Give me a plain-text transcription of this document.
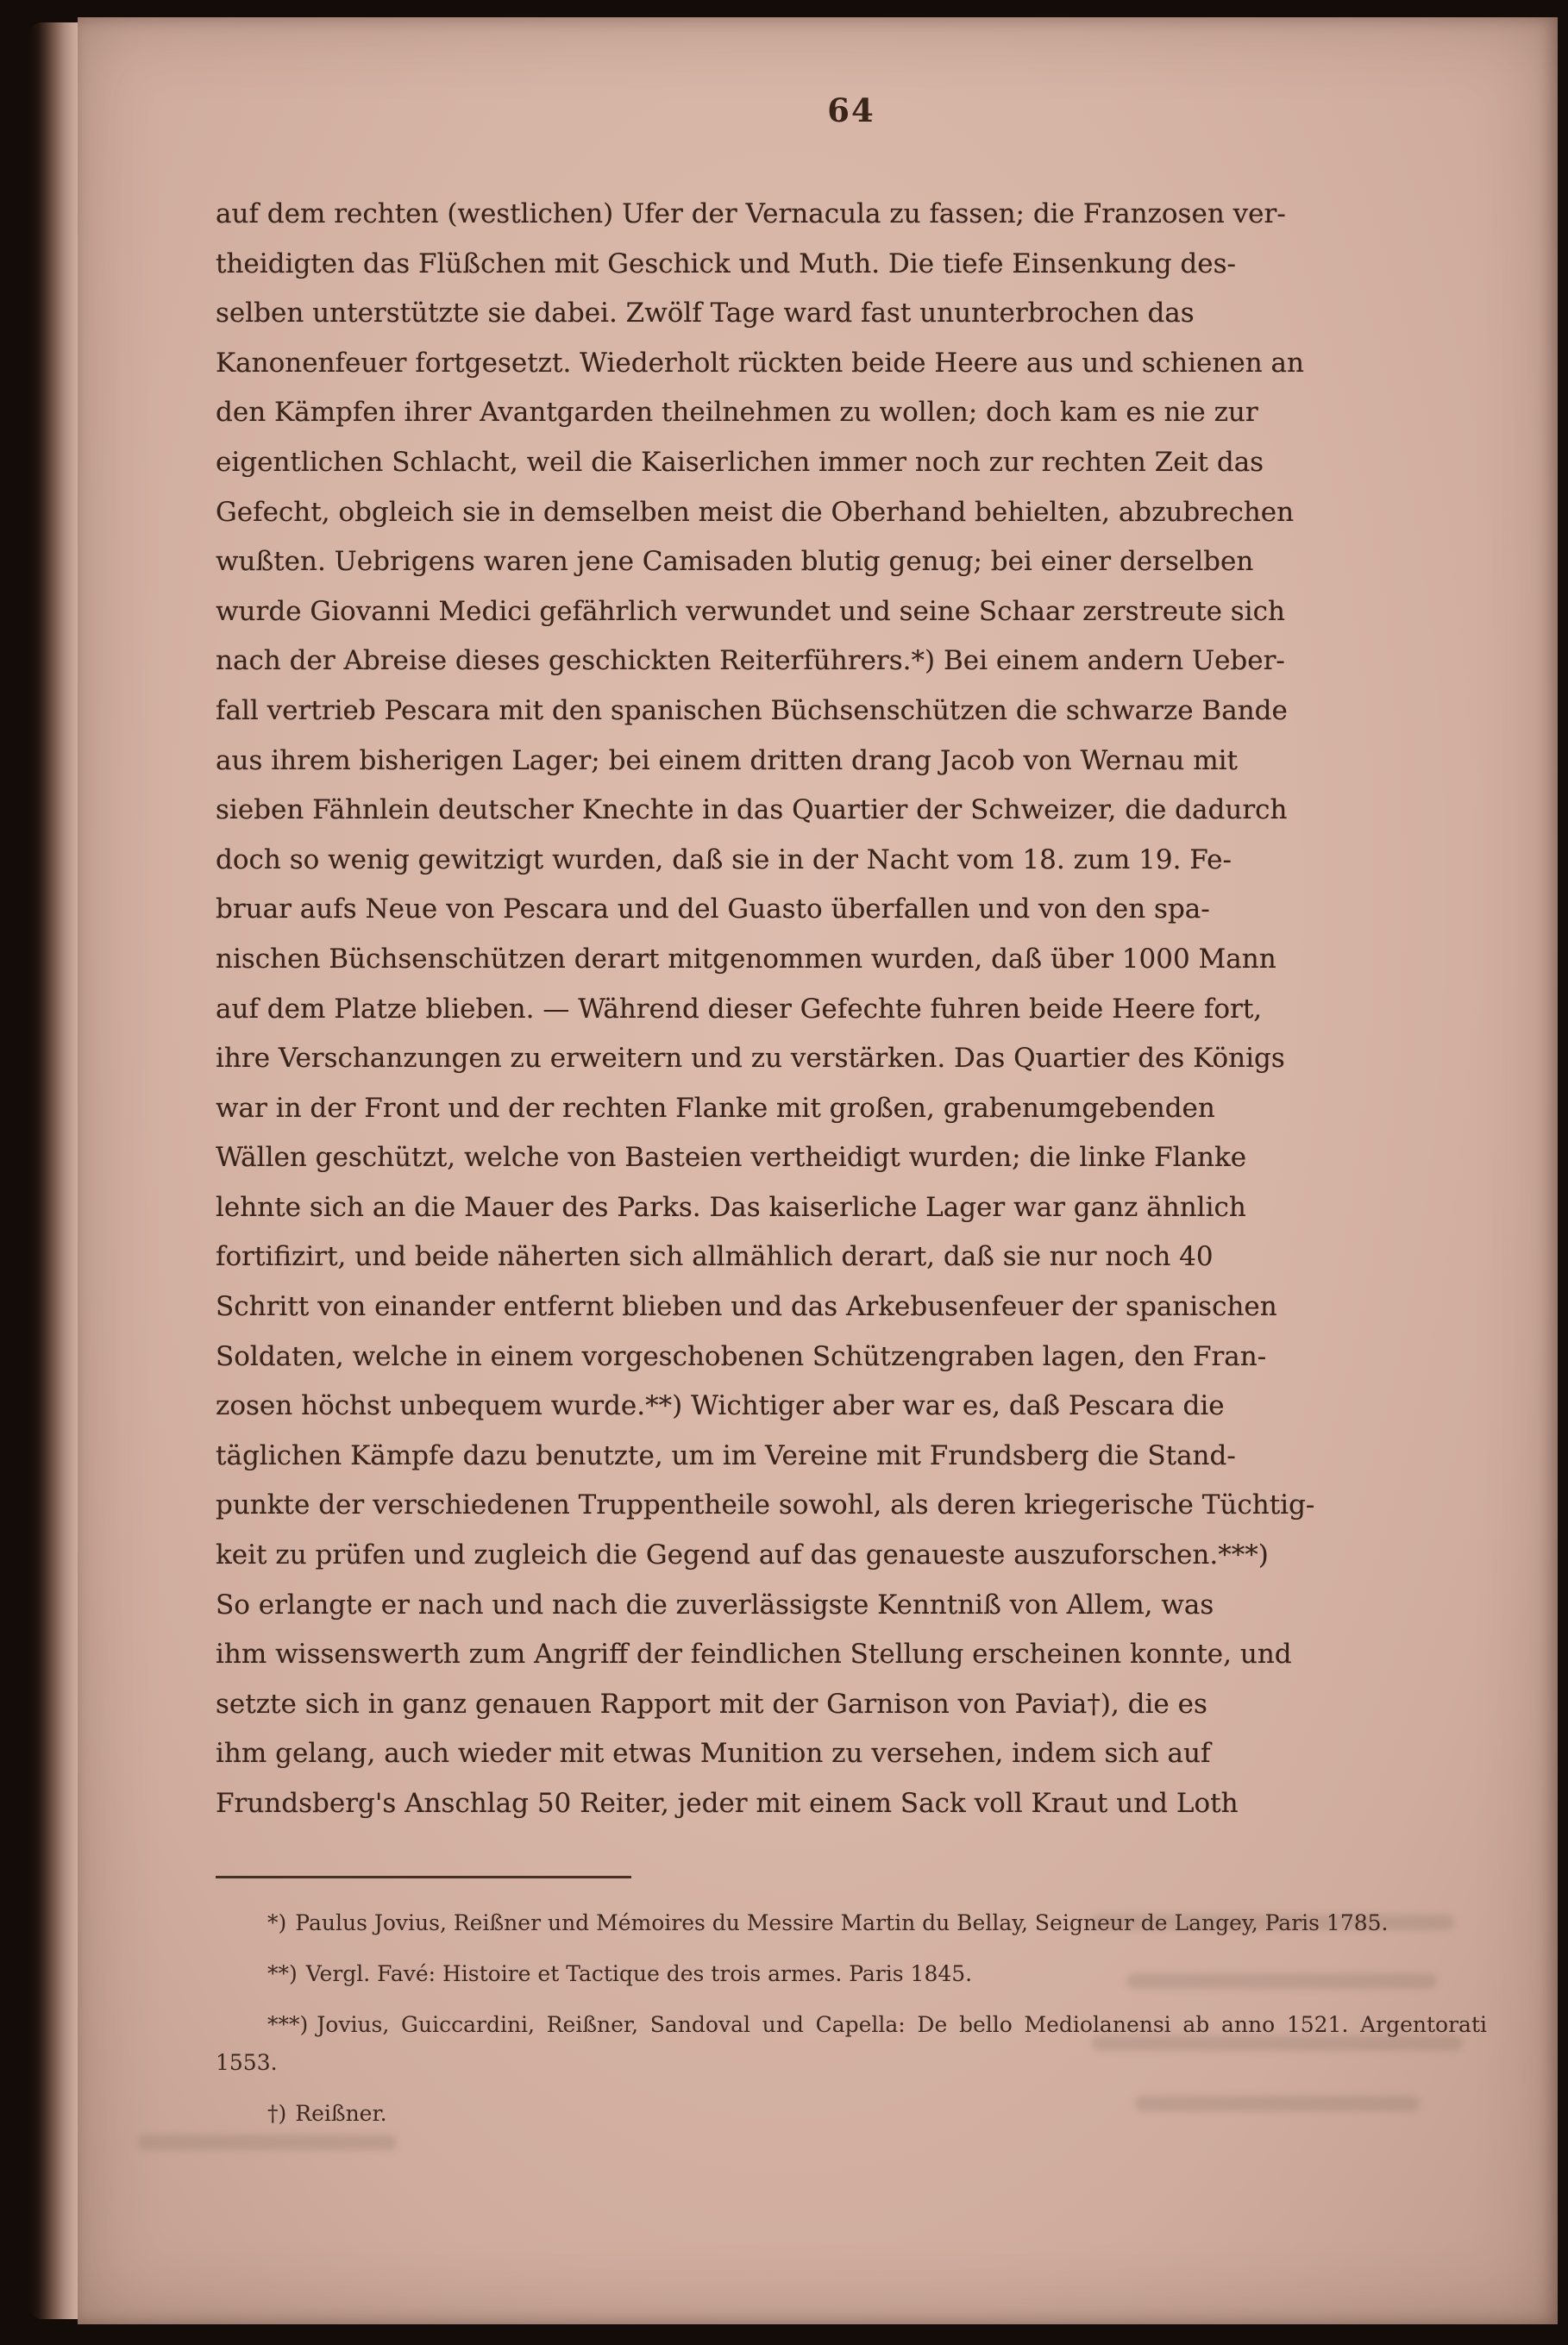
64
auf dem rechten (westlichen) Ufer der Vernacula zu fassen; die Franzosen ver-
theidigten das Flüßchen mit Geschick und Muth. Die tiefe Einsenkung des-
selben unterstützte sie dabei. Zwölf Tage ward fast ununterbrochen das
Kanonenfeuer fortgesetzt. Wiederholt rückten beide Heere aus und schienen an
den Kämpfen ihrer Avantgarden theilnehmen zu wollen; doch kam es nie zur
eigentlichen Schlacht, weil die Kaiserlichen immer noch zur rechten Zeit das
Gefecht, obgleich sie in demselben meist die Oberhand behielten, abzubrechen
wußten. Uebrigens waren jene Camisaden blutig genug; bei einer derselben
wurde Giovanni Medici gefährlich verwundet und seine Schaar zerstreute sich
nach der Abreise dieses geschickten Reiterführers.*) Bei einem andern Ueber-
fall vertrieb Pescara mit den spanischen Büchsenschützen die schwarze Bande
aus ihrem bisherigen Lager; bei einem dritten drang Jacob von Wernau mit
sieben Fähnlein deutscher Knechte in das Quartier der Schweizer, die dadurch
doch so wenig gewitzigt wurden, daß sie in der Nacht vom 18. zum 19. Fe-
bruar aufs Neue von Pescara und del Guasto überfallen und von den spa-
nischen Büchsenschützen derart mitgenommen wurden, daß über 1000 Mann
auf dem Platze blieben. — Während dieser Gefechte fuhren beide Heere fort,
ihre Verschanzungen zu erweitern und zu verstärken. Das Quartier des Königs
war in der Front und der rechten Flanke mit großen, grabenumgebenden
Wällen geschützt, welche von Basteien vertheidigt wurden; die linke Flanke
lehnte sich an die Mauer des Parks. Das kaiserliche Lager war ganz ähnlich
fortifizirt, und beide näherten sich allmählich derart, daß sie nur noch 40
Schritt von einander entfernt blieben und das Arkebusenfeuer der spanischen
Soldaten, welche in einem vorgeschobenen Schützengraben lagen, den Fran-
zosen höchst unbequem wurde.**) Wichtiger aber war es, daß Pescara die
täglichen Kämpfe dazu benutzte, um im Vereine mit Frundsberg die Stand-
punkte der verschiedenen Truppentheile sowohl, als deren kriegerische Tüchtig-
keit zu prüfen und zugleich die Gegend auf das genaueste auszuforschen.***)
So erlangte er nach und nach die zuverlässigste Kenntniß von Allem, was
ihm wissenswerth zum Angriff der feindlichen Stellung erscheinen konnte, und
setzte sich in ganz genauen Rapport mit der Garnison von Pavia†), die es
ihm gelang, auch wieder mit etwas Munition zu versehen, indem sich auf
Frundsberg's Anschlag 50 Reiter, jeder mit einem Sack voll Kraut und Loth

*) Paulus Jovius, Reißner und Mémoires du Messire Martin du Bellay, Seigneur de Langey, Paris 1785.

**) Vergl. Favé: Histoire et Tactique des trois armes. Paris 1845.

***) Jovius, Guiccardini, Reißner, Sandoval und Capella: De bello Mediolanensi ab anno 1521. Argentorati 1553.

†) Reißner.
